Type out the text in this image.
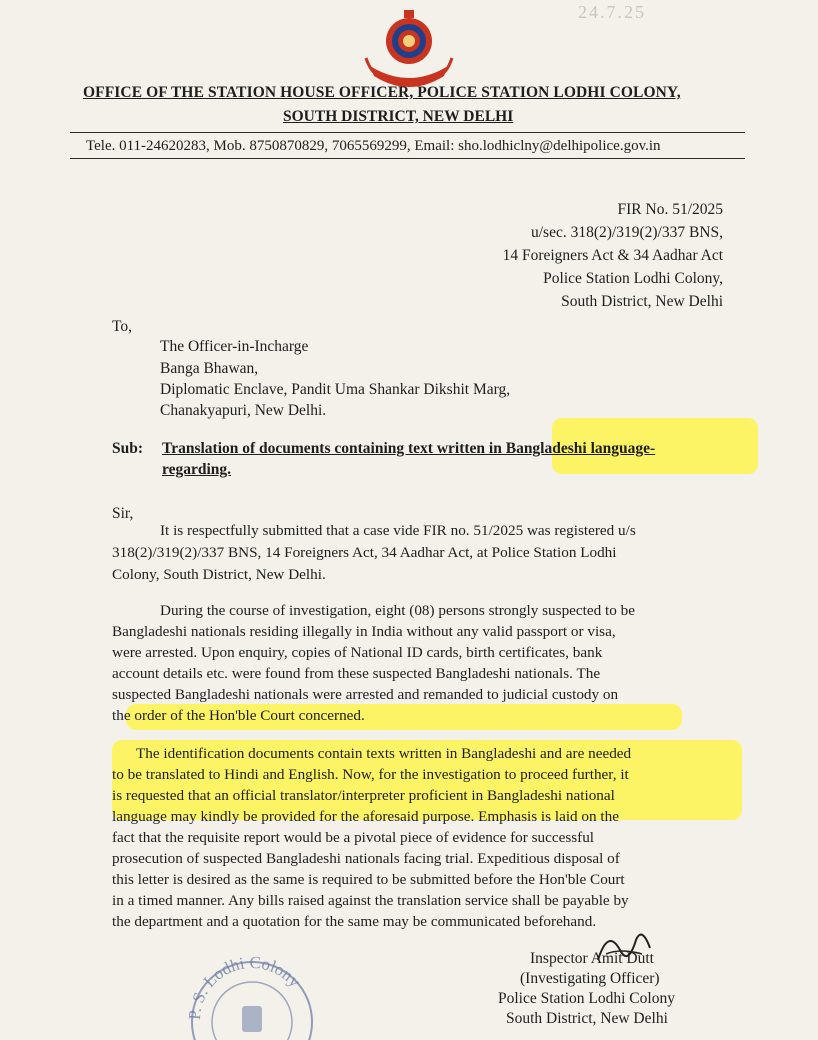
24.7.25
OFFICE OF THE STATION HOUSE OFFICER, POLICE STATION LODHI COLONY,
SOUTH DISTRICT, NEW DELHI
Tele. 011-24620283, Mob. 8750870829, 7065569299, Email: sho.lodhiclny@delhipolice.gov.in
FIR No. 51/2025
u/sec. 318(2)/319(2)/337 BNS,
14 Foreigners Act & 34 Aadhar Act
Police Station Lodhi Colony,
South District, New Delhi
To,
The Officer-in-Incharge
Banga Bhawan,
Diplomatic Enclave, Pandit Uma Shankar Dikshit Marg,
Chanakyapuri, New Delhi.
Sub: Translation of documents containing text written in Bangladeshi language-
regarding.
Sir,
It is respectfully submitted that a case vide FIR no. 51/2025 was registered u/s
318(2)/319(2)/337 BNS, 14 Foreigners Act, 34 Aadhar Act, at Police Station Lodhi
Colony, South District, New Delhi.
During the course of investigation, eight (08) persons strongly suspected to be
Bangladeshi nationals residing illegally in India without any valid passport or visa,
were arrested. Upon enquiry, copies of National ID cards, birth certificates, bank
account details etc. were found from these suspected Bangladeshi nationals. The
suspected Bangladeshi nationals were arrested and remanded to judicial custody on
the order of the Hon'ble Court concerned.
The identification documents contain texts written in Bangladeshi and are needed
to be translated to Hindi and English. Now, for the investigation to proceed further, it
is requested that an official translator/interpreter proficient in Bangladeshi national
language may kindly be provided for the aforesaid purpose. Emphasis is laid on the
fact that the requisite report would be a pivotal piece of evidence for successful
prosecution of suspected Bangladeshi nationals facing trial. Expeditious disposal of
this letter is desired as the same is required to be submitted before the Hon'ble Court
in a timed manner. Any bills raised against the translation service shall be payable by
the department and a quotation for the same may be communicated beforehand.
P. S. Lodhi Colony
Inspector Amit Dutt
(Investigating Officer)
Police Station Lodhi Colony
South District, New Delhi
